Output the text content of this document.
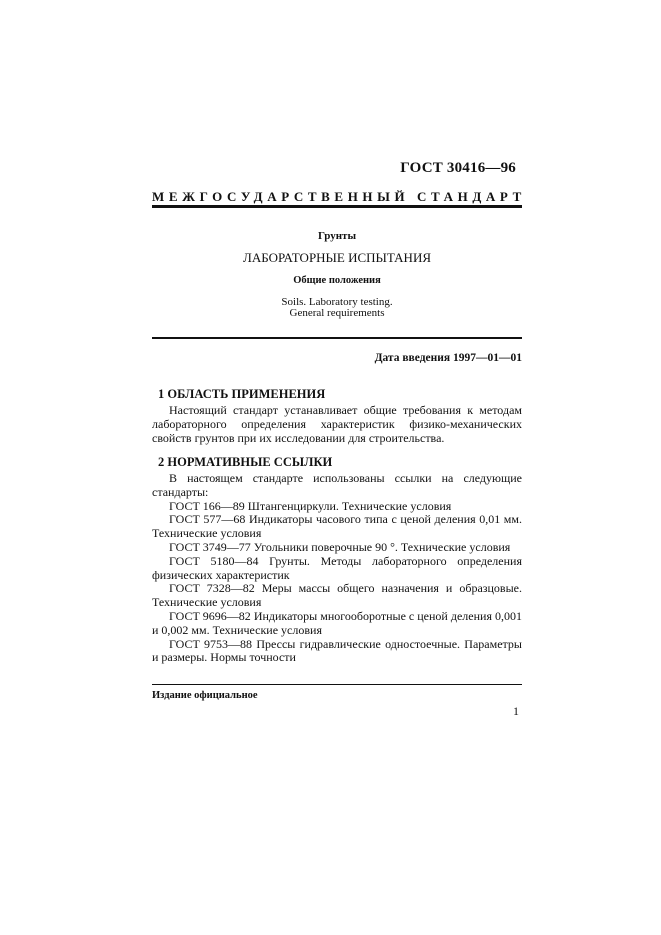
ГОСТ 30416—96
МЕЖГОСУДАРСТВЕННЫЙ СТАНДАРТ
Грунты
ЛАБОРАТОРНЫЕ ИСПЫТАНИЯ
Общие положения
Soils. Laboratory testing.
General requirements
Дата введения 1997—01—01
1 ОБЛАСТЬ ПРИМЕНЕНИЯ

Настоящий стандарт устанавливает общие требования к методам лабораторного определения характеристик физико-механических свойств грунтов при их исследовании для строительства.

2 НОРМАТИВНЫЕ ССЫЛКИ

В настоящем стандарте использованы ссылки на следующие стандарты:

ГОСТ 166—89 Штангенциркули. Технические условия

ГОСТ 577—68 Индикаторы часового типа с ценой деления 0,01 мм. Технические условия

ГОСТ 3749—77 Угольники поверочные 90 °. Технические условия

ГОСТ 5180—84 Грунты. Методы лабораторного определения физических характеристик

ГОСТ 7328—82 Меры массы общего назначения и образцовые. Технические условия

ГОСТ 9696—82 Индикаторы многооборотные с ценой деления 0,001 и 0,002 мм. Технические условия

ГОСТ 9753—88 Прессы гидравлические одностоечные. Параметры и размеры. Нормы точности

Издание официальное
1
